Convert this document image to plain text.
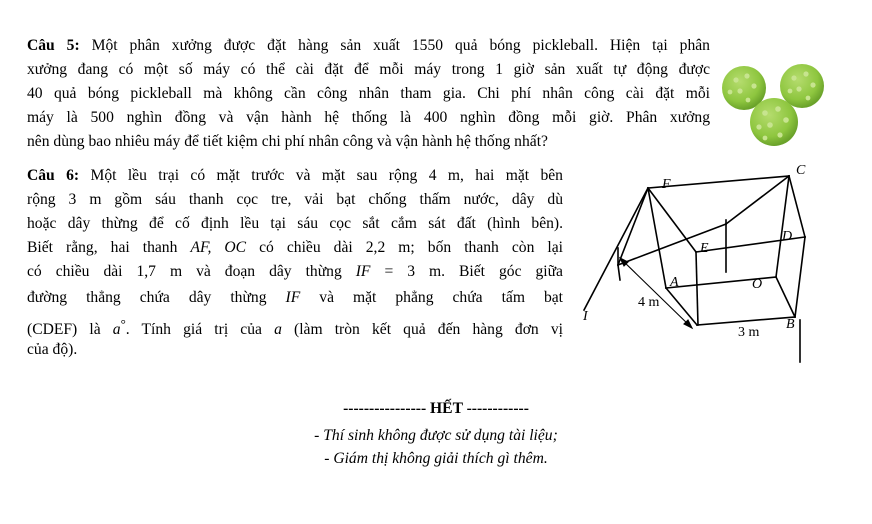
Câu 5: Một phân xưởng được đặt hàng sản xuất 1550 quả bóng pickleball. Hiện tại phân
xưởng đang có một số máy có thể cài đặt để mỗi máy trong 1 giờ sản xuất tự động được
40 quả bóng pickleball mà không cần công nhân tham gia. Chi phí nhân công cài đặt mỗi
máy là 500 nghìn đồng và vận hành hệ thống là 400 nghìn đồng mỗi giờ. Phân xưởng
nên dùng bao nhiêu máy để tiết kiệm chi phí nhân công và vận hành hệ thống nhất?
Câu 6: Một lều trại có mặt trước và mặt sau rộng 4 m, hai mặt bên
rộng 3 m gồm sáu thanh cọc tre, vải bạt chống thấm nước, dây dù
hoặc dây thừng để cố định lều tại sáu cọc sắt cắm sát đất (hình bên).
Biết rằng, hai thanh AF, OC có chiều dài 2,2 m; bốn thanh còn lại
có chiều dài 1,7 m và đoạn dây thừng IF = 3 m. Biết góc giữa
đường thẳng chứa dây thừng IF và mặt phẳng chứa tấm bạt
(CDEF) là a°. Tính giá trị của a (làm tròn kết quả đến hàng đơn vị
của độ).
C
F
E
D
A	O
I
B
4 m
3 m
---------------- HẾT ------------
- Thí sinh không được sử dụng tài liệu;
- Giám thị không giải thích gì thêm.
